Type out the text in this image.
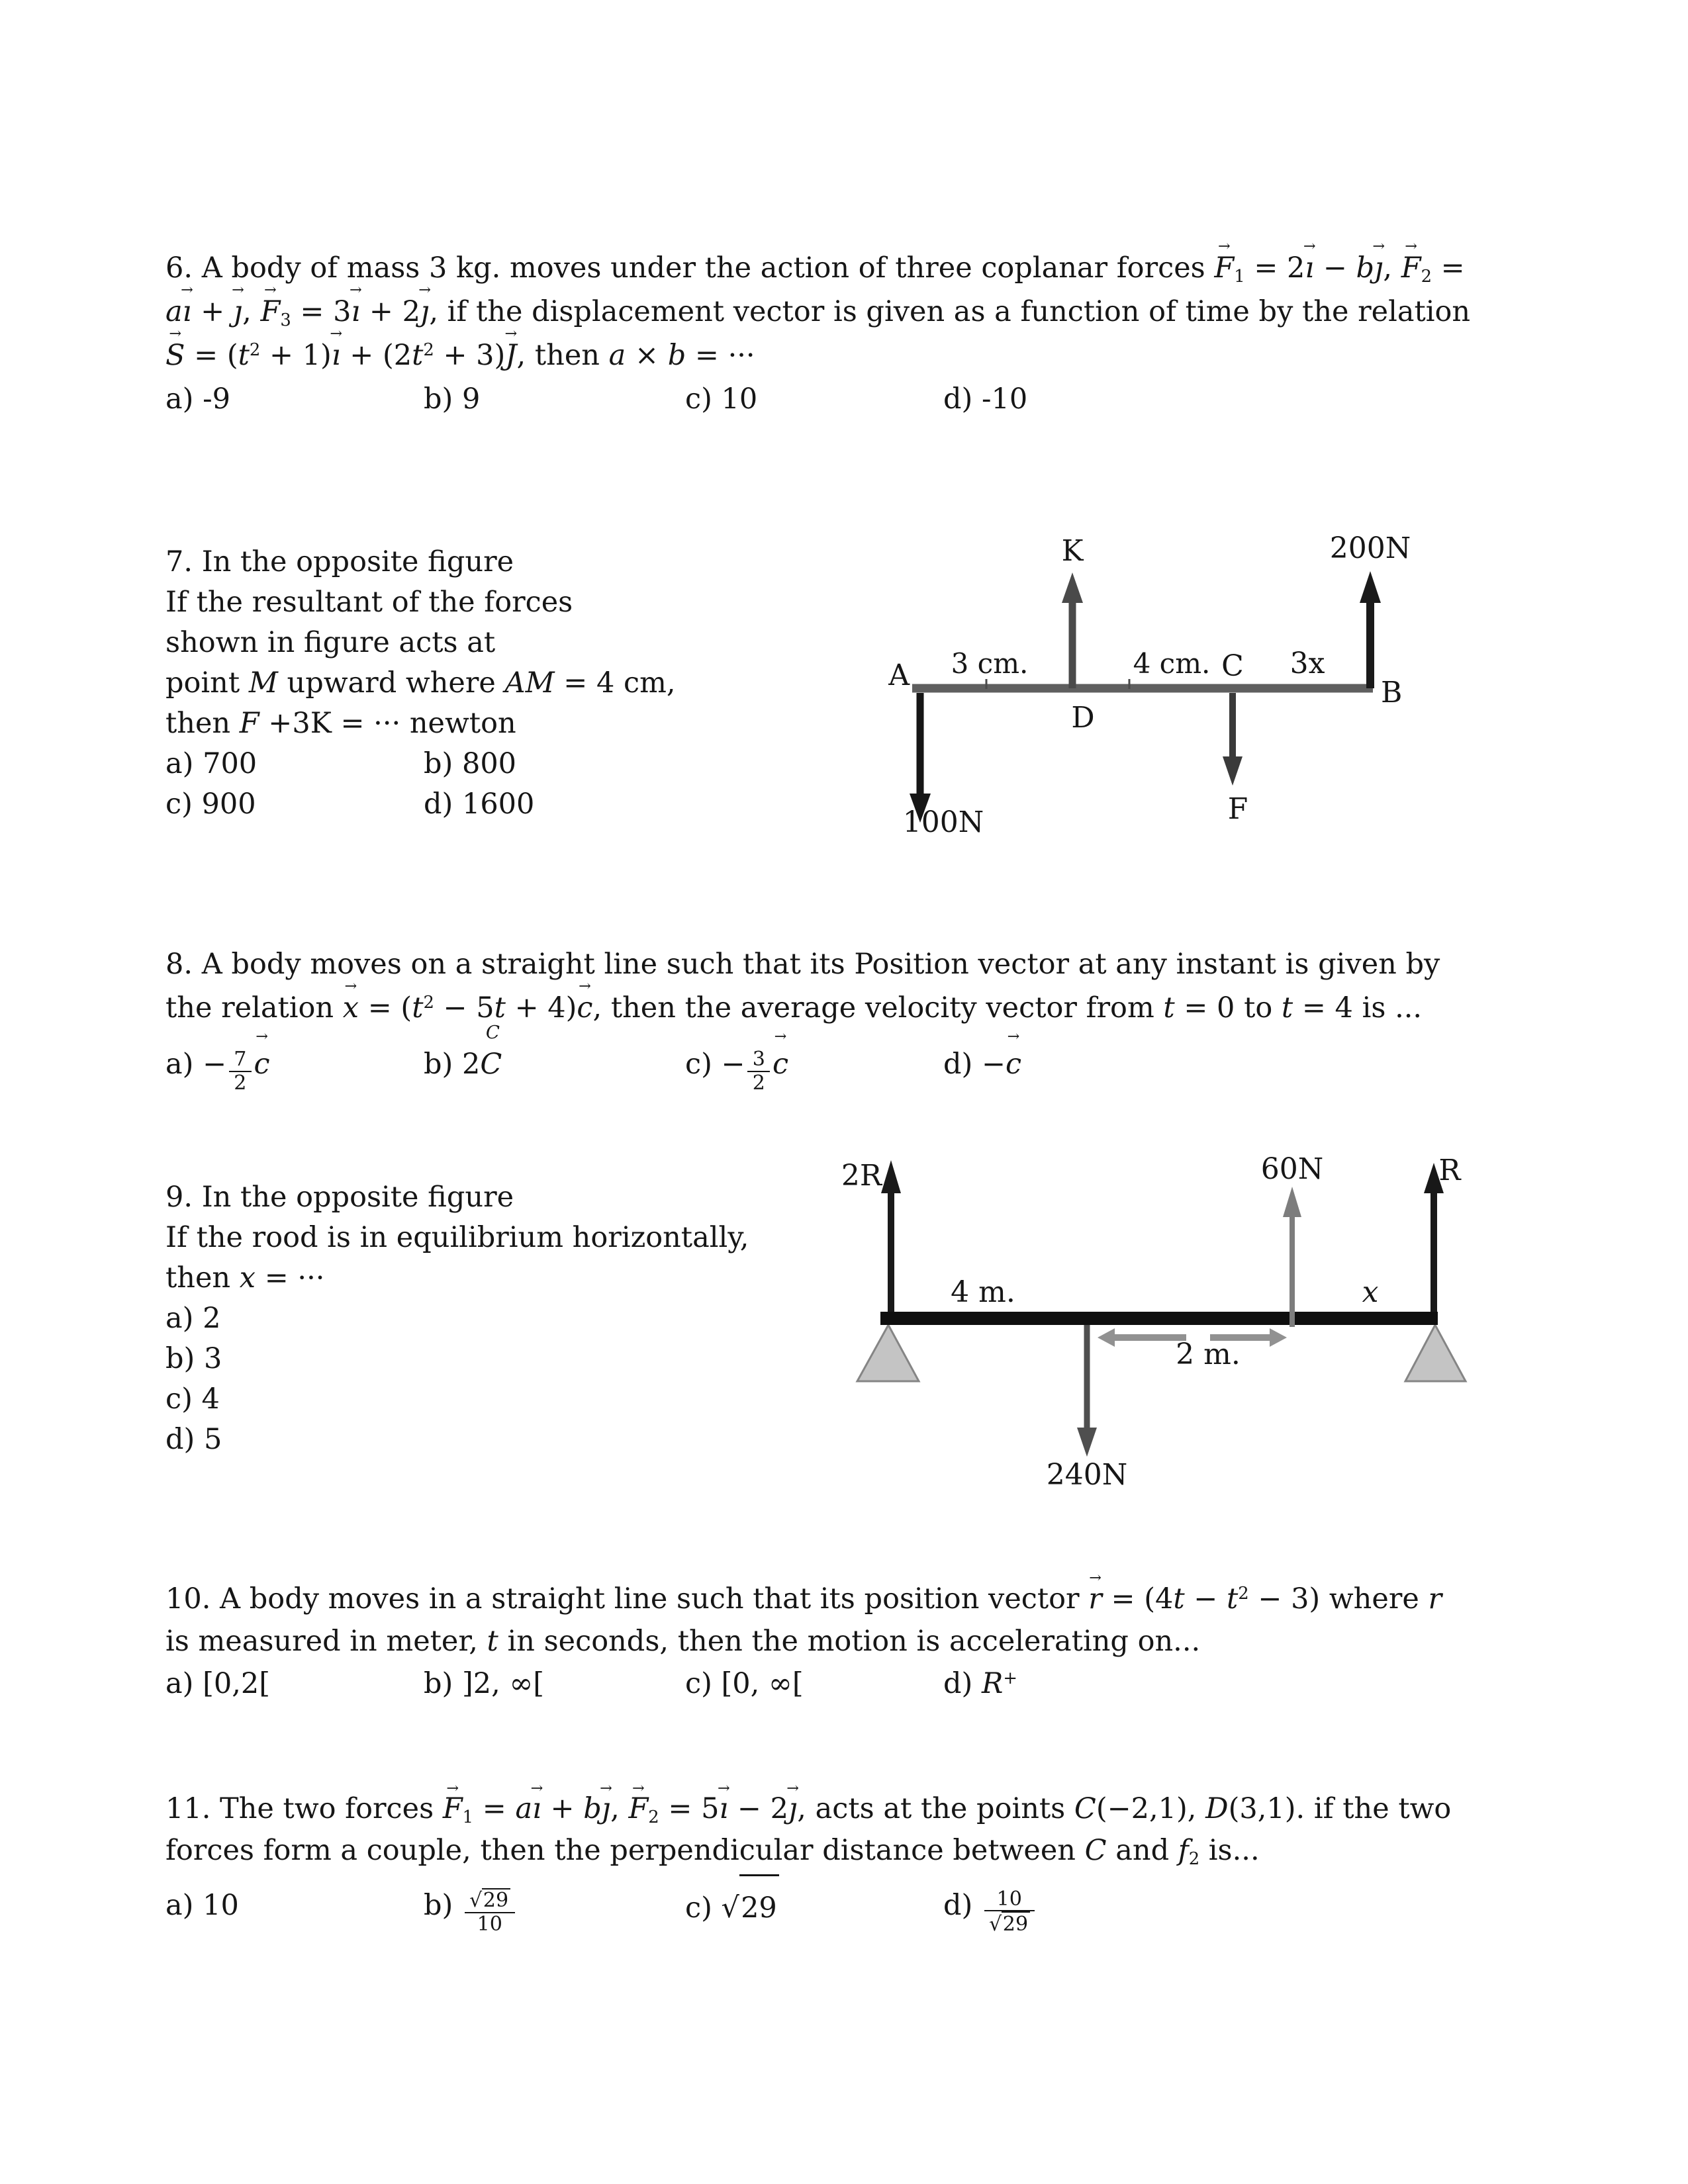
6. A body of mass 3 kg. moves under the action of three coplanar forces
→
$F_1 = 2$
→
ı − b
→
ȷ,
→
$F_2$ =
a
→
ı +
→
ȷ,
→
$F_3 = 3$
→
ı + 2
→
ȷ, if the displacement vector is given as a function of time by the relation
→
$S = (t^2 + 1)$
→
ı + $(2t^2 + 3)$
→
J, then a × b = ···
a) -9	b) 9	c) 10	d) -10
7. In the opposite figure
If the resultant of the forces
shown in figure acts at
point M upward where AM = 4 cm,
then F +3K = ··· newton
a) 700	b) 800
c) 900	d) 1600
K	200N
A
B
3 cm.	4 cm. C 3x
D
F
100N
8. A body moves on a straight line such that its Position vector at any instant is given by
the relation
→
$x = (t^2 - 5t + 4)$
→
c, then the average velocity vector from t = 0 to t = 4 is ...
$a) - \frac{7}{2}$
→
c	b) 2
C
C	$c) - \frac{3}{2}$
→
c	d) −
→
c
9. In the opposite figure
If the rood is in equilibrium horizontally,
then x = ···
a) 2
b) 3
c) 4
d) 5
2R	60N	R
4 m.
2 m.
x
240N
10. A body moves in a straight line such that its position vector
→
$r = (4t - t^2 - 3)$ where r
is measured in meter, t in seconds, then the motion is accelerating on...
a) [0,2[	b) ]2, ∞[	c) [0, ∞[	d) R+
11. The two forces
→
$F_1 = a$
→
ı + b
→
ȷ,
→
$F_2 = 5$
→
ı − 2
→
ȷ, acts at the points C(−2,1), D(3,1). if the two
forces form a couple, then the perpendicular distance between C and $f_2$ is...
a) 10	$b) \frac{√29}{10}$	c) √29	$d) \frac{10}{√29}$
